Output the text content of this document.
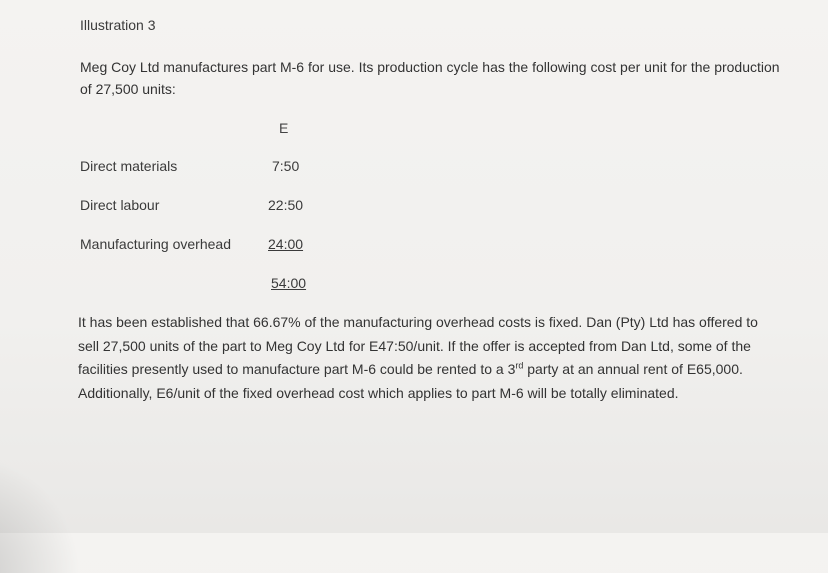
Illustration 3
Meg Coy Ltd manufactures part M-6 for use. Its production cycle has the following cost per unit for the production of 27,500 units:
E
Direct materials	7:50
Direct labour	22:50
Manufacturing overhead	24:00
54:00
It has been established that 66.67% of the manufacturing overhead costs is fixed. Dan (Pty) Ltd has offered to sell 27,500 units of the part to Meg Coy Ltd for E47:50/unit. If the offer is accepted from Dan Ltd, some of the facilities presently used to manufacture part M-6 could be rented to a 3rd party at an annual rent of E65,000. Additionally, E6/unit of the fixed overhead cost which applies to part M-6 will be totally eliminated.
